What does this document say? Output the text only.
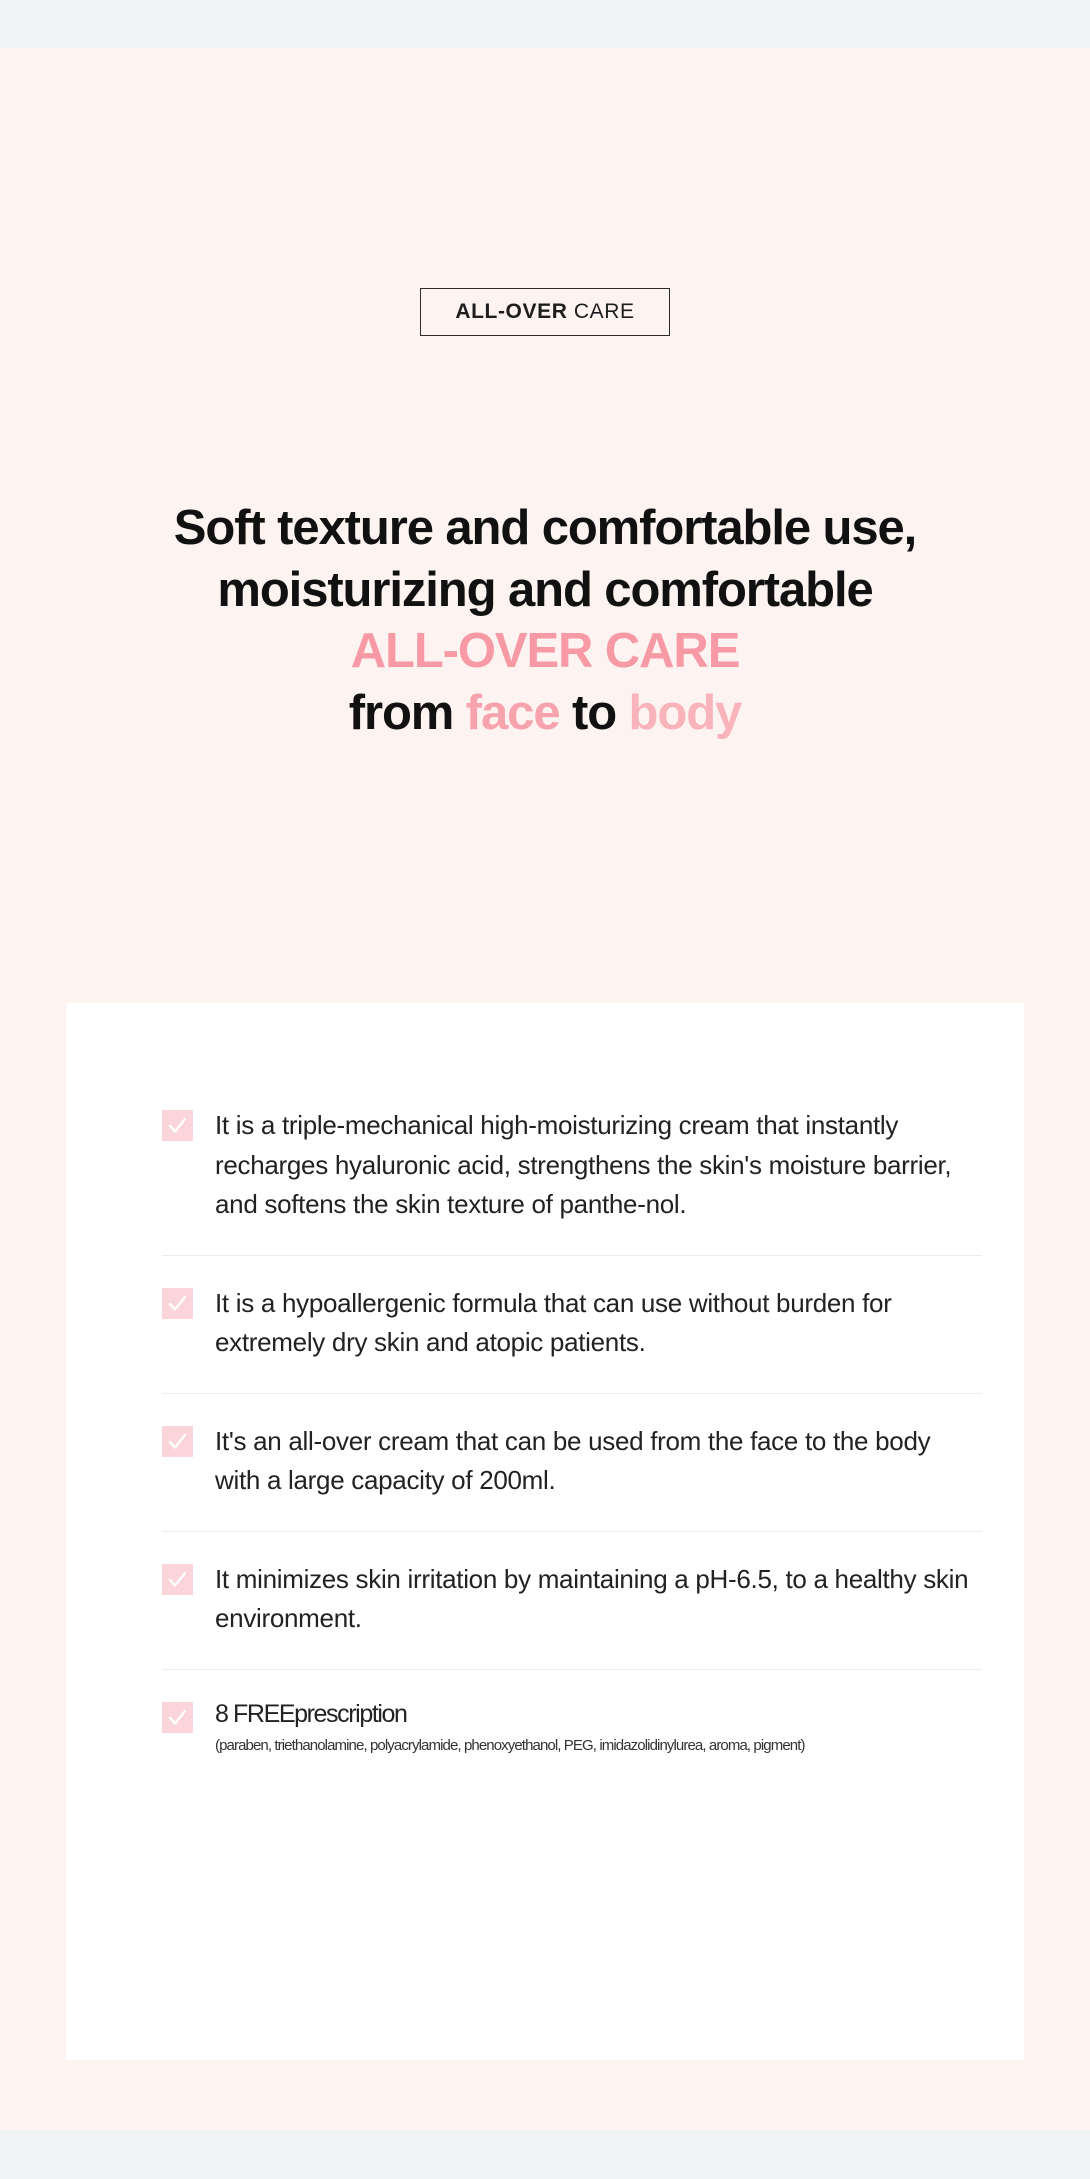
ALL-OVER CARE
Soft texture and comfortable use,
moisturizing and comfortable
ALL-OVER CARE
from face to body
It is a triple-mechanical high-moisturizing cream that instantly recharges hyaluronic acid, strengthens the skin's moisture barrier, and softens the skin texture of panthe-nol.
It is a hypoallergenic formula that can use without burden for extremely dry skin and atopic patients.
It's an all-over cream that can be used from the face to the body with a large capacity of 200ml.
It minimizes skin irritation by maintaining a pH-6.5, to a healthy skin environment.
8 FREEprescription
(paraben, triethanolamine, polyacrylamide, phenoxyethanol, PEG, imidazolidinylurea, aroma, pigment)
